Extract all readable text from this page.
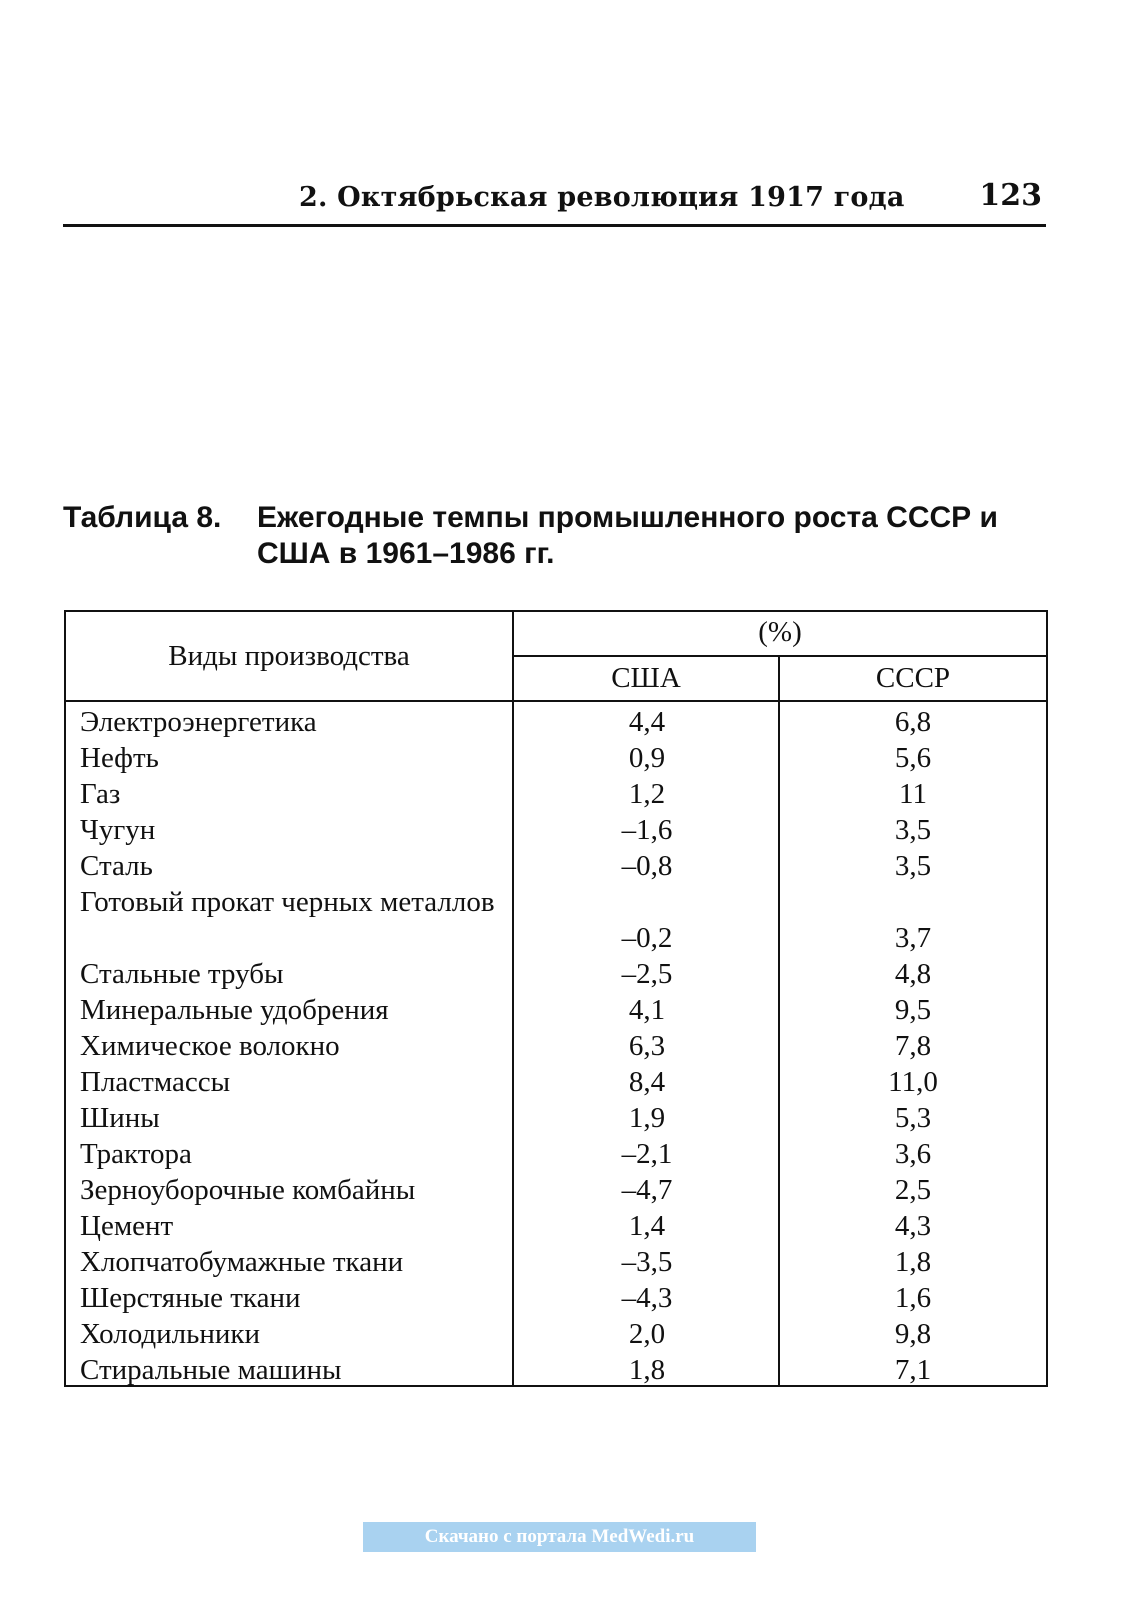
2. Октябрьская революция 1917 года 123
Таблица 8. Ежегодные темпы промышленного роста СССР и США в 1961–1986 гг.
Виды производства
(%)
США	СССР
Электроэнергетика	4,4	6,8
Нефть	0,9	5,6
Газ	1,2	11
Чугун	–1,6	3,5
Сталь	–0,8	3,5
Готовый прокат черных металлов
–0,2	3,7
Стальные трубы	–2,5	4,8
Минеральные удобрения	4,1	9,5
Химическое волокно	6,3	7,8
Пластмассы	8,4	11,0
Шины	1,9	5,3
Трактора	–2,1	3,6
Зерноуборочные комбайны	–4,7	2,5
Цемент	1,4	4,3
Хлопчатобумажные ткани	–3,5	1,8
Шерстяные ткани	–4,3	1,6
Холодильники	2,0	9,8
Стиральные машины	1,8	7,1
Скачано с портала MedWedi.ru
